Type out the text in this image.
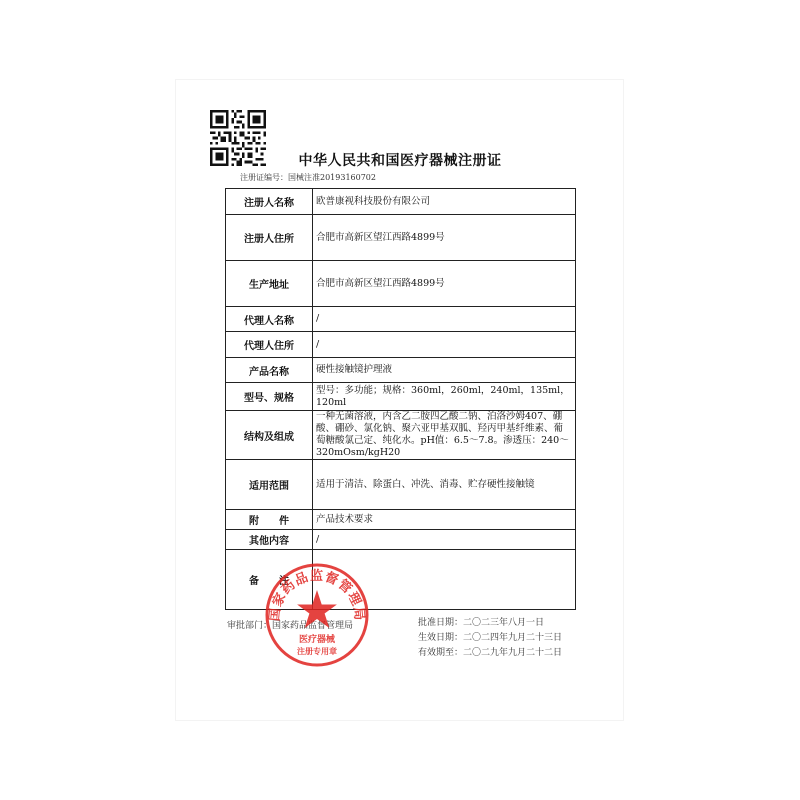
中华人民共和国医疗器械注册证
注册证编号：国械注准20193160702
注册人名称	欧普康视科技股份有限公司
注册人住所	合肥市高新区望江西路4899号
生产地址	合肥市高新区望江西路4899号
代理人名称	/
代理人住所	/
产品名称	硬性接触镜护理液
型号、规格	型号：多功能；规格：360ml，260ml，240ml，135ml，120ml
结构及组成	一种无菌溶液，内含乙二胺四乙酸二钠、泊洛沙姆407、硼酸、硼砂、氯化钠、聚六亚甲基双胍、羟丙甲基纤维素、葡萄糖酸氯己定、纯化水。pH值：6.5～7.8。渗透压：240～320mOsm/kgH20
适用范围	适用于清洁、除蛋白、冲洗、消毒、贮存硬性接触镜
附　　件	产品技术要求
其他内容	/
备　　注	
审批部门：国家药品监督管理局	批准日期：二〇二三年八月一日
生效日期：二〇二四年九月二十三日
有效期至：二〇二九年九月二十二日
国家药品监督管理局
医疗器械
注册专用章
